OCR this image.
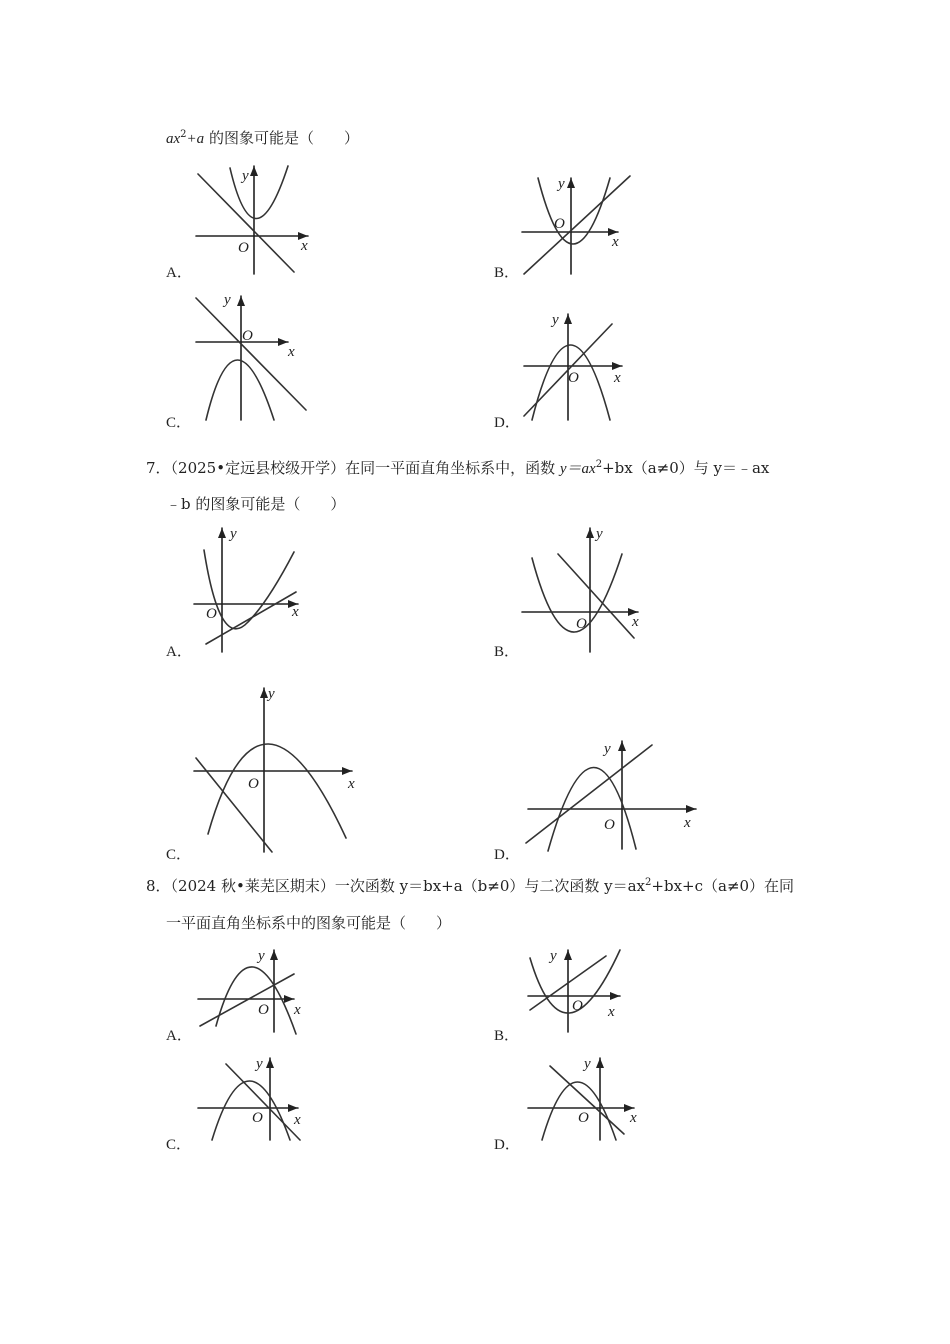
$ax^2+a$ 的图象可能是（　　）
y
x
O
A．
y
x
O
B．
y
x
O
C．
y
x
O
D．
7．（2025•定远县校级开学）在同一平面直角坐标系中，函数 $y=ax^2+bx(a\ne 0)$与 y＝﹣ax
﹣b 的图象可能是（　　）
y
x
O
A．
y
x
O
B．
y
x
O
C．
y
x
O
D．
8．（2024 秋•莱芜区期末）一次函数 y＝bx+a（b≠0）与二次函数 $y=ax^2+bx+c(a\ne 0)$在同
一平面直角坐标系中的图象可能是（　　）
y
x
O
A．
y
x
O
B．
y
x
O
C．
y
x
O
D．
